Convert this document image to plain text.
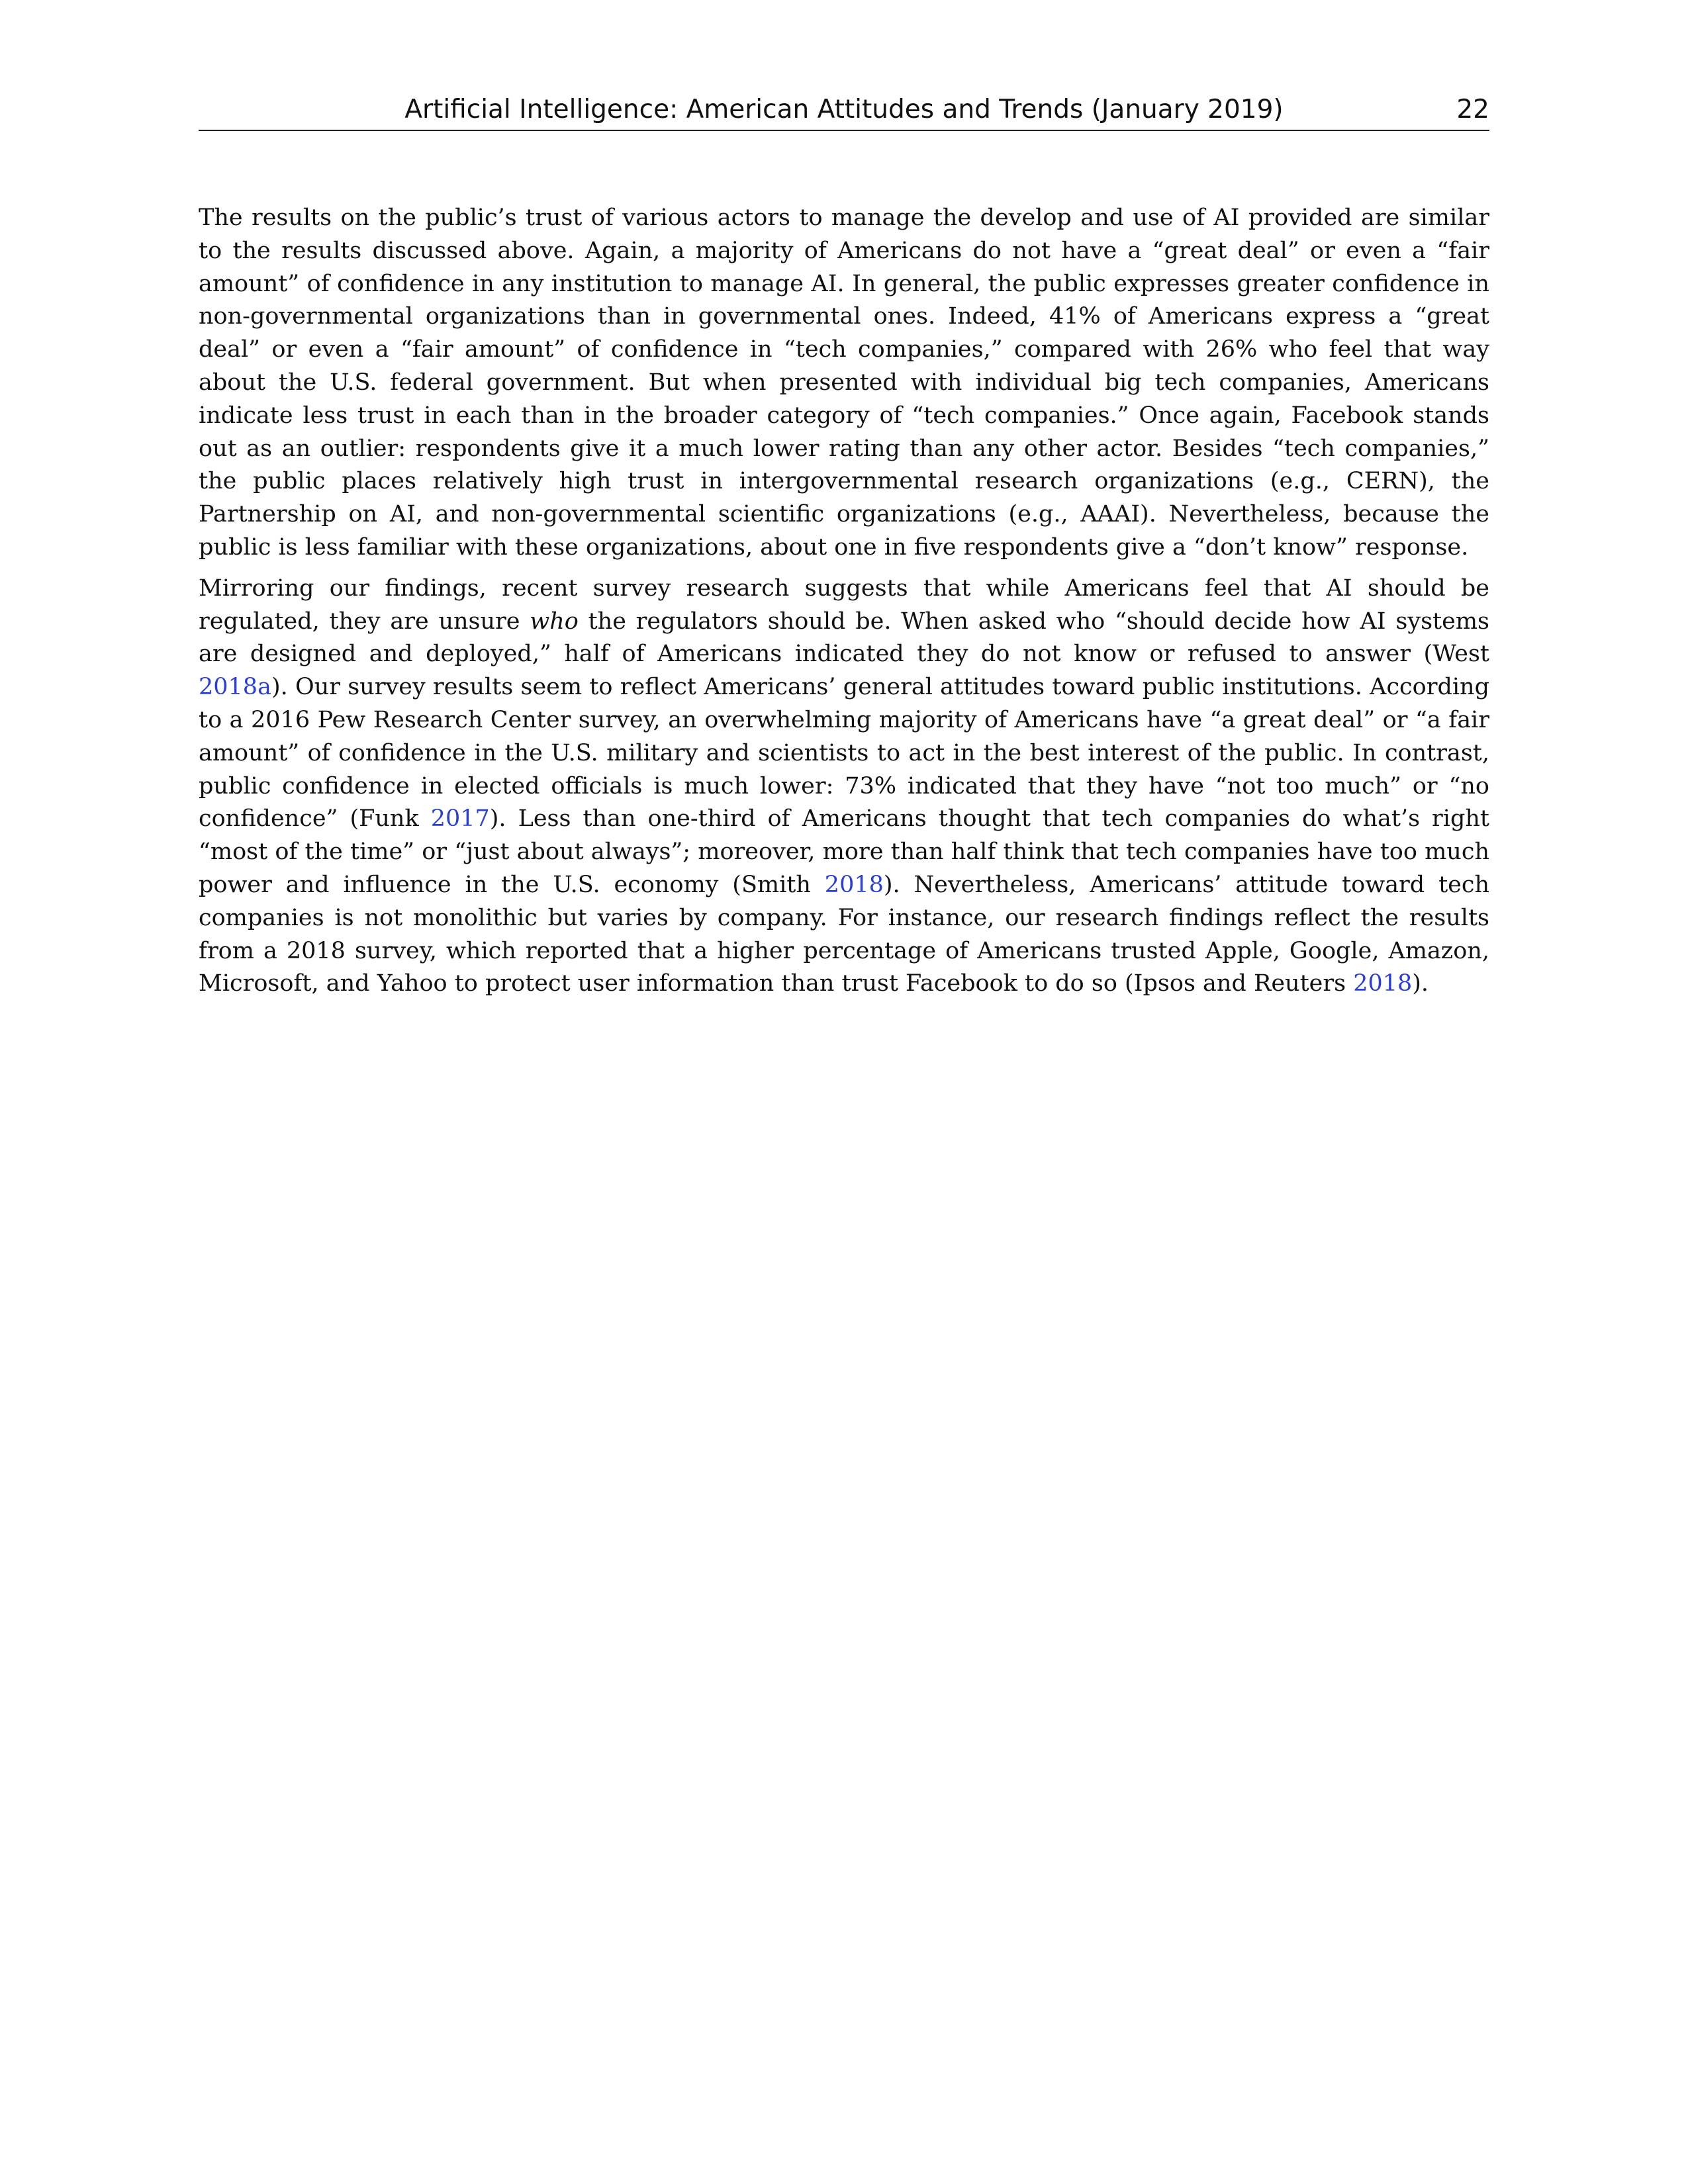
Artificial Intelligence: American Attitudes and Trends (January 2019)	22

The results on the public’s trust of various actors to manage the develop and use of AI provided are similar to the results discussed above. Again, a majority of Americans do not have a “great deal” or even a “fair amount” of confidence in any institution to manage AI. In general, the public expresses greater confidence in non-governmental organizations than in governmental ones. Indeed, 41% of Americans express a “great deal” or even a “fair amount” of confidence in “tech companies,” compared with 26% who feel that way about the U.S. federal government. But when presented with individual big tech companies, Americans indicate less trust in each than in the broader category of “tech companies.” Once again, Facebook stands out as an outlier: respondents give it a much lower rating than any other actor. Besides “tech companies,” the public places relatively high trust in intergovernmental research organizations (e.g., CERN), the Partnership on AI, and non-governmental scientific organizations (e.g., AAAI). Nevertheless, because the public is less familiar with these organizations, about one in five respondents give a “don’t know” response.

Mirroring our findings, recent survey research suggests that while Americans feel that AI should be regulated, they are unsure who the regulators should be. When asked who “should decide how AI systems are designed and deployed,” half of Americans indicated they do not know or refused to answer (West 2018a). Our survey results seem to reflect Americans’ general attitudes toward public institutions. According to a 2016 Pew Research Center survey, an overwhelming majority of Americans have “a great deal” or “a fair amount” of confidence in the U.S. military and scientists to act in the best interest of the public. In contrast, public confidence in elected officials is much lower: 73% indicated that they have “not too much” or “no confidence” (Funk 2017). Less than one-third of Americans thought that tech companies do what’s right “most of the time” or “just about always”; moreover, more than half think that tech companies have too much power and influence in the U.S. economy (Smith 2018). Nevertheless, Americans’ attitude toward tech companies is not monolithic but varies by company. For instance, our research findings reflect the results from a 2018 survey, which reported that a higher percentage of Americans trusted Apple, Google, Amazon, Microsoft, and Yahoo to protect user information than trust Facebook to do so (Ipsos and Reuters 2018).
